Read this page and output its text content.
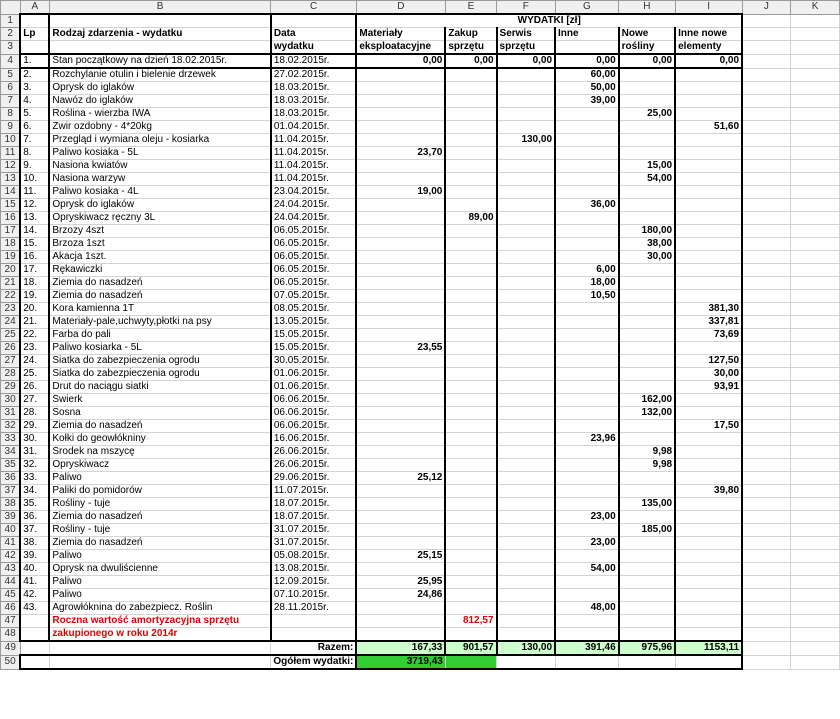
	A	B	C	D	E	F	G	H	I	J	K
1				WYDATKI [zł]							
2	Lp	Rodzaj zdarzenia - wydatku	Data	Materiały	Zakup	Serwis	Inne	Nowe	Inne nowe		
3			wydatku	eksploatacyjne	sprzętu	sprzętu		rośliny	elementy		
4	1.	Stan początkowy na dzień 18.02.2015r.	18.02.2015r.	0,00	0,00	0,00	0,00	0,00	0,00		
5	2.	Rozchylanie otulin i bielenie drzewek	27.02.2015r.				60,00				
6	3.	Oprysk do iglaków	18.03.2015r.				50,00				
7	4.	Nawóz do iglaków	18.03.2015r.				39,00				
8	5.	Roślina - wierzba IWA	18.03.2015r.					25,00			
9	6.	Żwir ozdobny - 4*20kg	01.04.2015r.						51,60		
10	7.	Przegląd i wymiana oleju - kosiarka	11.04.2015r.			130,00					
11	8.	Paliwo kosiaka - 5L	11.04.2015r.	23,70							
12	9.	Nasiona kwiatów	11.04.2015r.					15,00			
13	10.	Nasiona warzyw	11.04.2015r.					54,00			
14	11.	Paliwo kosiaka - 4L	23.04.2015r.	19,00							
15	12.	Oprysk do iglaków	24.04.2015r.				36,00				
16	13.	Opryskiwacz ręczny 3L	24.04.2015r.		89,00						
17	14.	Brzozy 4szt	06.05.2015r.					180,00			
18	15.	Brzoza 1szt	06.05.2015r.					38,00			
19	16.	Akacja 1szt.	06.05.2015r.					30,00			
20	17.	Rękawiczki	06.05.2015r.				6,00				
21	18.	Ziemia do nasadzeń	06.05.2015r.				18,00				
22	19.	Ziemia do nasadzeń	07.05.2015r.				10,50				
23	20.	Kora kamienna 1T	08.05.2015r.						381,30		
24	21.	Materiały-pale,uchwyty,płotki na psy	13.05.2015r.						337,81		
25	22.	Farba do pali	15.05.2015r.						73,69		
26	23.	Paliwo kosiarka - 5L	15.05.2015r.	23,55							
27	24.	Siatka do zabezpieczenia ogrodu	30.05.2015r.						127,50		
28	25.	Siatka do zabezpieczenia ogrodu	01.06.2015r.						30,00		
29	26.	Drut do naciągu siatki	01.06.2015r.						93,91		
30	27.	Świerk	06.06.2015r.					162,00			
31	28.	Sosna	06.06.2015r.					132,00			
32	29.	Ziemia do nasadzeń	06.06.2015r.						17,50		
33	30.	Kołki do geowłókniny	16.06.2015r.				23,96				
34	31.	Środek na mszycę	26.06.2015r.					9,98			
35	32.	Opryskiwacz	26.06.2015r.					9,98			
36	33.	Paliwo	29.06.2015r.	25,12							
37	34.	Paliki do pomidorów	11.07.2015r.						39,80		
38	35.	Rośliny - tuje	18.07.2015r.					135,00			
39	36.	Ziemia do nasadzeń	18.07.2015r.				23,00				
40	37.	Rośliny - tuje	31.07.2015r.					185,00			
41	38.	Ziemia do nasadzeń	31.07.2015r.				23,00				
42	39.	Paliwo	05.08.2015r.	25,15							
43	40.	Oprysk na dwuliścienne	13.08.2015r.				54,00				
44	41.	Paliwo	12.09.2015r.	25,95							
45	42.	Paliwo	07.10.2015r.	24,86							
46	43.	Agrowłóknina do zabezpiecz. Roślin	28.11.2015r.				48,00				
47		Roczna wartość amortyzacyjna sprzętu			812,57						
48		zakupionego w roku 2014r									
49			Razem:	167,33	901,57	130,00	391,46	975,96	1153,11		
50			Ogółem wydatki:	3719,43							
